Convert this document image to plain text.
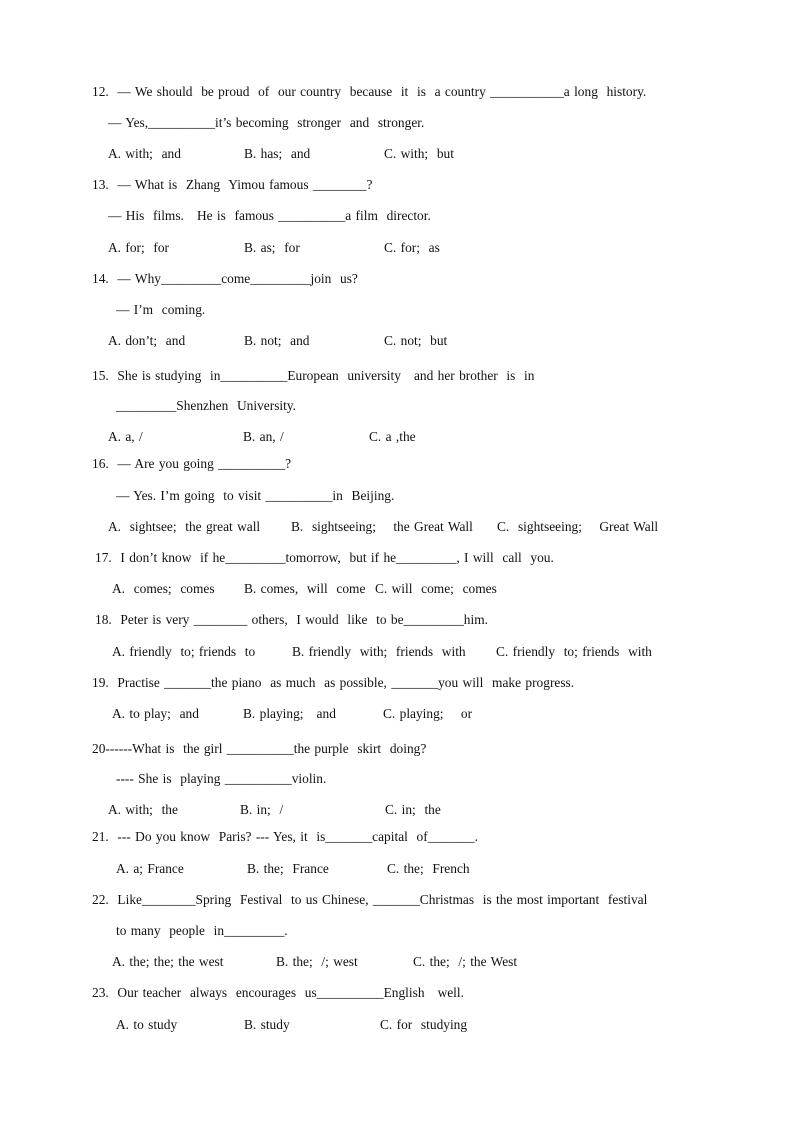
12.  — We should  be proud  of  our country  because  it  is  a country ___________a long  history.
— Yes,__________it’s becoming  stronger  and  stronger.
A. with;  and	B. has;  and	C. with;  but
13.  — What is  Zhang  Yimou famous ________?
— His  films.   He is  famous __________a film  director.
A. for;  for	B. as;  for	C. for;  as
14.  — Why_________come_________join  us?
— I’m  coming.
A. don’t;  and	B. not;  and	C. not;  but
15.  She is studying  in__________European  university   and her brother  is  in
_________Shenzhen  University.
A. a, /	B. an, /	C. a ,the
16.  — Are you going __________?
— Yes. I’m going  to visit __________in  Beijing.
A.  sightsee;  the great wall B.  sightseeing;    the Great Wall C.  sightseeing;    Great Wall
17.  I don’t know  if he_________tomorrow,  but if he_________, I will  call  you.
A.  comes;  comes B. comes,  will  come C. will  come;  comes
18.  Peter is very ________ others,  I would  like  to be_________him.
A. friendly  to; friends  to	B. friendly  with;  friends  with C. friendly  to; friends  with
19.  Practise _______the piano  as much  as possible, _______you will  make progress.
A. to play;  and	B. playing;   and	C. playing;    or
20------What is  the girl __________the purple  skirt  doing?
---- She is  playing __________violin.
A. with;  the	B. in;  /	C. in;  the
21.  --- Do you know  Paris? --- Yes, it  is_______capital  of_______.
A. a; France	B. the;  France	C. the;  French
22.  Like________Spring  Festival  to us Chinese, _______Christmas  is the most important  festival
to many  people  in_________.
A. the; the; the west	B. the;  /; west	C. the;  /; the West
23.  Our teacher  always  encourages  us__________English   well.
A. to study	B. study	C. for  studying
